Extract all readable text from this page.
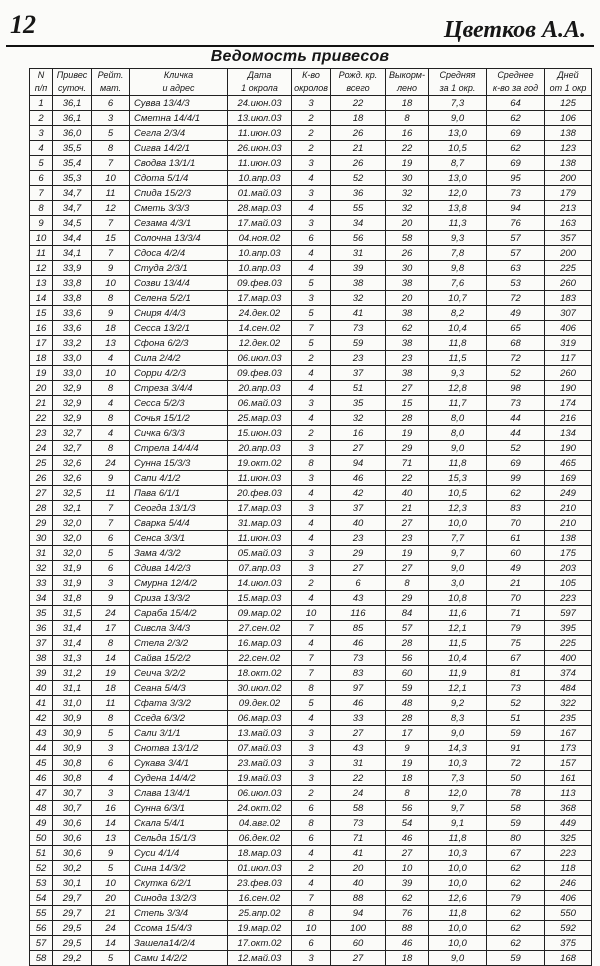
12	Цветков А.А.
Ведомость привесов
N	Привес	Рейт.	Кличка	Дата	К-во	Рожд. кр.	Выкорм-	Средняя	Среднее	Дней
п/п	суточ.	мат.	и адрес	1 окрола	окролов	всего	лено	за 1 окр.	к-во за год	от 1 окр
1	36,1	6	Сувва 13/4/3	24.июн.03	3	22	18	7,3	64	125
2	36,1	3	Сметна 14/4/1	13.июл.03	2	18	8	9,0	62	106
3	36,0	5	Сегла 2/3/4	11.июн.03	2	26	16	13,0	69	138
4	35,5	8	Сигва 14/2/1	26.июн.03	2	21	22	10,5	62	123
5	35,4	7	Сводва 13/1/1	11.июн.03	3	26	19	8,7	69	138
6	35,3	10	Сдота 5/1/4	10.апр.03	4	52	30	13,0	95	200
7	34,7	11	Спида 15/2/3	01.май.03	3	36	32	12,0	73	179
8	34,7	12	Сметь 3/3/3	28.мар.03	4	55	32	13,8	94	213
9	34,5	7	Сезама 4/3/1	17.май.03	3	34	20	11,3	76	163
10	34,4	15	Солочна 13/3/4	04.ноя.02	6	56	58	9,3	57	357
11	34,1	7	Сдоса 4/2/4	10.апр.03	4	31	26	7,8	57	200
12	33,9	9	Студа 2/3/1	10.апр.03	4	39	30	9,8	63	225
13	33,8	10	Созви 13/4/4	09.фев.03	5	38	38	7,6	53	260
14	33,8	8	Селена 5/2/1	17.мар.03	3	32	20	10,7	72	183
15	33,6	9	Сниря 4/4/3	24.дек.02	5	41	38	8,2	49	307
16	33,6	18	Сесса 13/2/1	14.сен.02	7	73	62	10,4	65	406
17	33,2	13	Сфона 6/2/3	12.дек.02	5	59	38	11,8	68	319
18	33,0	4	Сила 2/4/2	06.июл.03	2	23	23	11,5	72	117
19	33,0	10	Сорри 4/2/3	09.фев.03	4	37	38	9,3	52	260
20	32,9	8	Стреза 3/4/4	20.апр.03	4	51	27	12,8	98	190
21	32,9	4	Сесса 5/2/3	06.май.03	3	35	15	11,7	73	174
22	32,9	8	Сочья 15/1/2	25.мар.03	4	32	28	8,0	44	216
23	32,7	4	Сичка 6/3/3	15.июн.03	2	16	19	8,0	44	134
24	32,7	8	Стрела 14/4/4	20.апр.03	3	27	29	9,0	52	190
25	32,6	24	Сунна 15/3/3	19.окт.02	8	94	71	11,8	69	465
26	32,6	9	Сапи 4/1/2	11.июн.03	3	46	22	15,3	99	169
27	32,5	11	Пава 6/1/1	20.фев.03	4	42	40	10,5	62	249
28	32,1	7	Сеогда 13/1/3	17.мар.03	3	37	21	12,3	83	210
29	32,0	7	Сварка 5/4/4	31.мар.03	4	40	27	10,0	70	210
30	32,0	6	Сенса 3/3/1	11.июн.03	4	23	23	7,7	61	138
31	32,0	5	Зама 4/3/2	05.май.03	3	29	19	9,7	60	175
32	31,9	6	Сдива 14/2/3	07.апр.03	3	27	27	9,0	49	203
33	31,9	3	Смурна 12/4/2	14.июл.03	2	6	8	3,0	21	105
34	31,8	9	Сриза 13/3/2	15.мар.03	4	43	29	10,8	70	223
35	31,5	24	Сараба 15/4/2	09.мар.02	10	116	84	11,6	71	597
36	31,4	17	Сивсла 3/4/3	27.сен.02	7	85	57	12,1	79	395
37	31,4	8	Стела 2/3/2	16.мар.03	4	46	28	11,5	75	225
38	31,3	14	Сайва 15/2/2	22.сен.02	7	73	56	10,4	67	400
39	31,2	19	Сеича 3/2/2	18.окт.02	7	83	60	11,9	81	374
40	31,1	18	Сеана 5/4/3	30.июл.02	8	97	59	12,1	73	484
41	31,0	11	Сфата 3/3/2	09.дек.02	5	46	48	9,2	52	322
42	30,9	8	Сседа 6/3/2	06.мар.03	4	33	28	8,3	51	235
43	30,9	5	Сали 3/1/1	13.май.03	3	27	17	9,0	59	167
44	30,9	3	Снотва 13/1/2	07.май.03	3	43	9	14,3	91	173
45	30,8	6	Сукава 3/4/1	23.май.03	3	31	19	10,3	72	157
46	30,8	4	Судена 14/4/2	19.май.03	3	22	18	7,3	50	161
47	30,7	3	Слава 13/4/1	06.июл.03	2	24	8	12,0	78	113
48	30,7	16	Сунна 6/3/1	24.окт.02	6	58	56	9,7	58	368
49	30,6	14	Скала 5/4/1	04.авг.02	8	73	54	9,1	59	449
50	30,6	13	Сельда 15/1/3	06.дек.02	6	71	46	11,8	80	325
51	30,6	9	Суси 4/1/4	18.мар.03	4	41	27	10,3	67	223
52	30,2	5	Сина 14/3/2	01.июл.03	2	20	10	10,0	62	118
53	30,1	10	Скутка 6/2/1	23.фев.03	4	40	39	10,0	62	246
54	29,7	20	Синода 13/2/3	16.сен.02	7	88	62	12,6	79	406
55	29,7	21	Степь 3/3/4	25.апр.02	8	94	76	11,8	62	550
56	29,5	24	Ссома 15/4/3	19.мар.02	10	100	88	10,0	62	592
57	29,5	14	Зашела14/2/4	17.окт.02	6	60	46	10,0	62	375
58	29,2	5	Сами 14/2/2	12.май.03	3	27	18	9,0	59	168
